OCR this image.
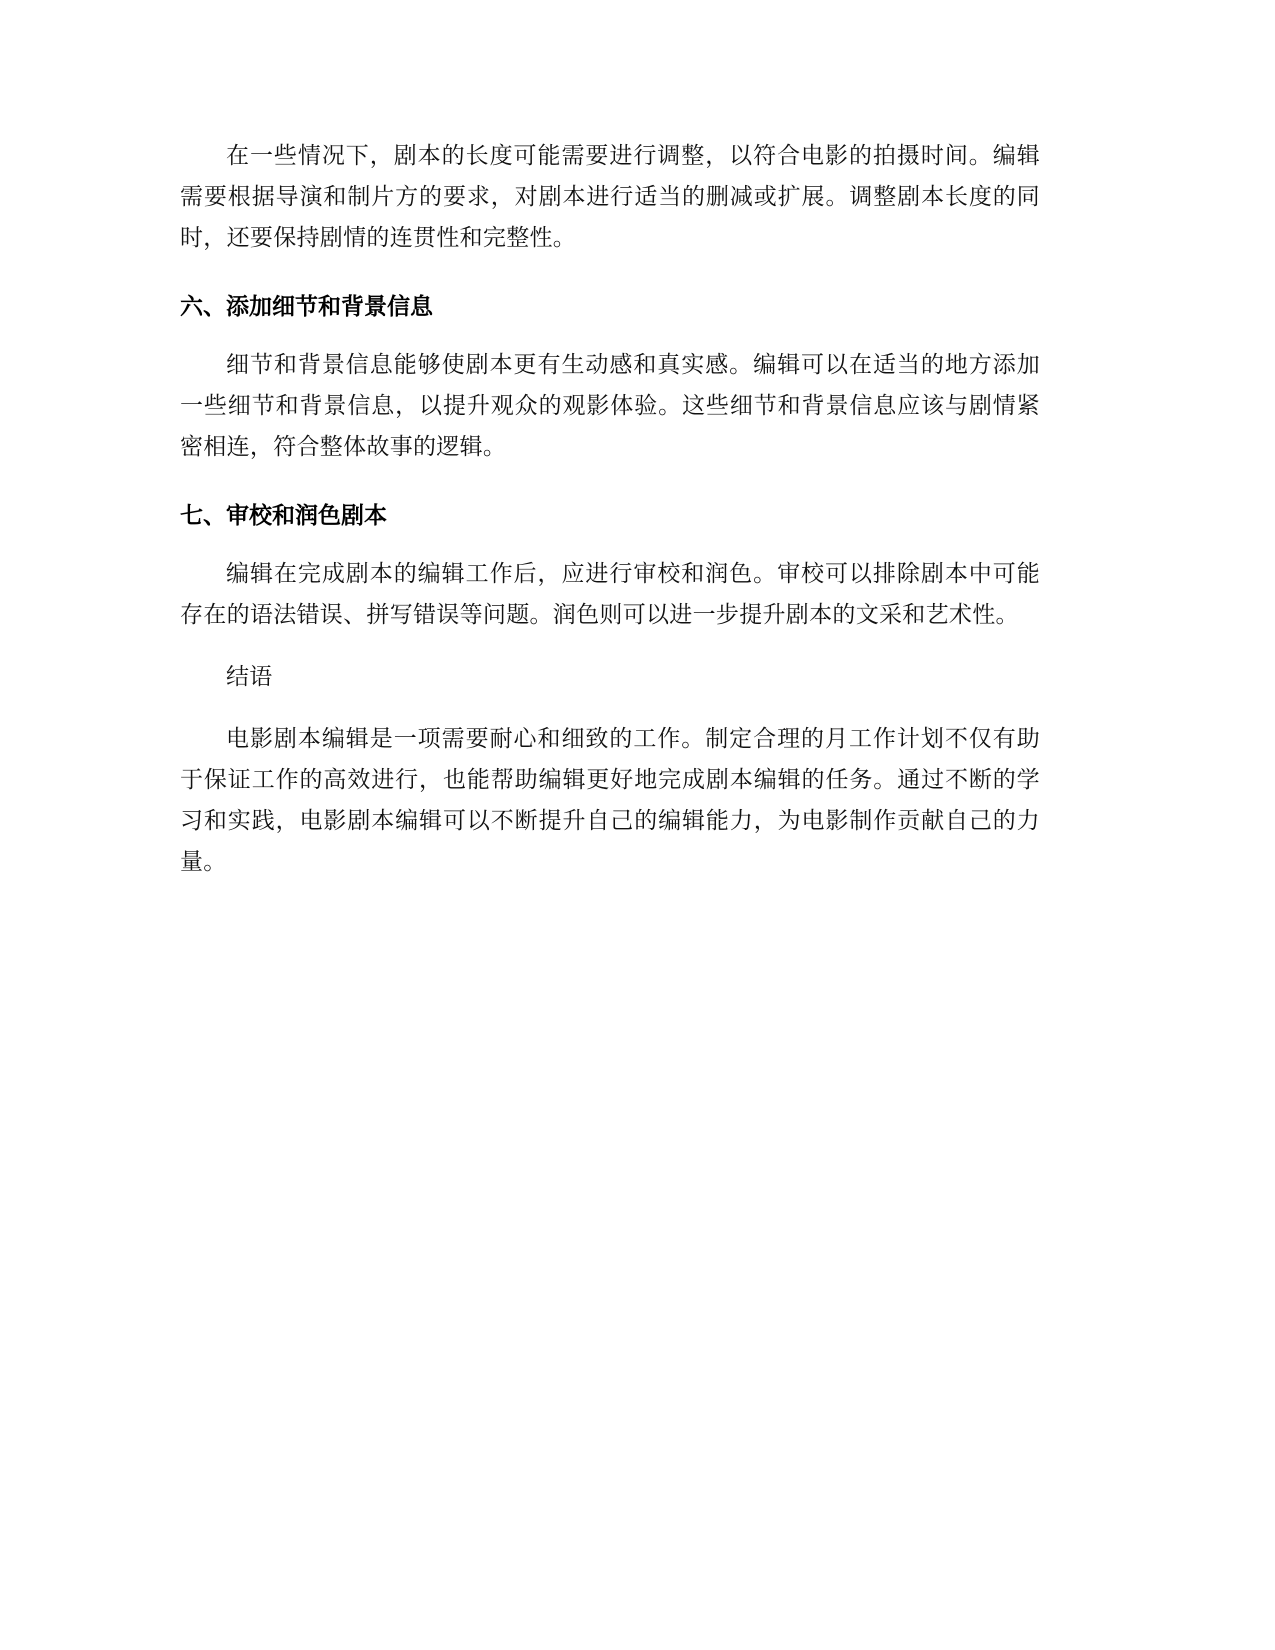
在一些情况下，剧本的长度可能需要进行调整，以符合电影的拍摄时间。编辑需要根据导演和制片方的要求，对剧本进行适当的删减或扩展。调整剧本长度的同时，还要保持剧情的连贯性和完整性。

六、添加细节和背景信息

细节和背景信息能够使剧本更有生动感和真实感。编辑可以在适当的地方添加一些细节和背景信息，以提升观众的观影体验。这些细节和背景信息应该与剧情紧密相连，符合整体故事的逻辑。

七、审校和润色剧本

编辑在完成剧本的编辑工作后，应进行审校和润色。审校可以排除剧本中可能存在的语法错误、拼写错误等问题。润色则可以进一步提升剧本的文采和艺术性。

结语

电影剧本编辑是一项需要耐心和细致的工作。制定合理的月工作计划不仅有助于保证工作的高效进行，也能帮助编辑更好地完成剧本编辑的任务。通过不断的学习和实践，电影剧本编辑可以不断提升自己的编辑能力，为电影制作贡献自己的力量。
